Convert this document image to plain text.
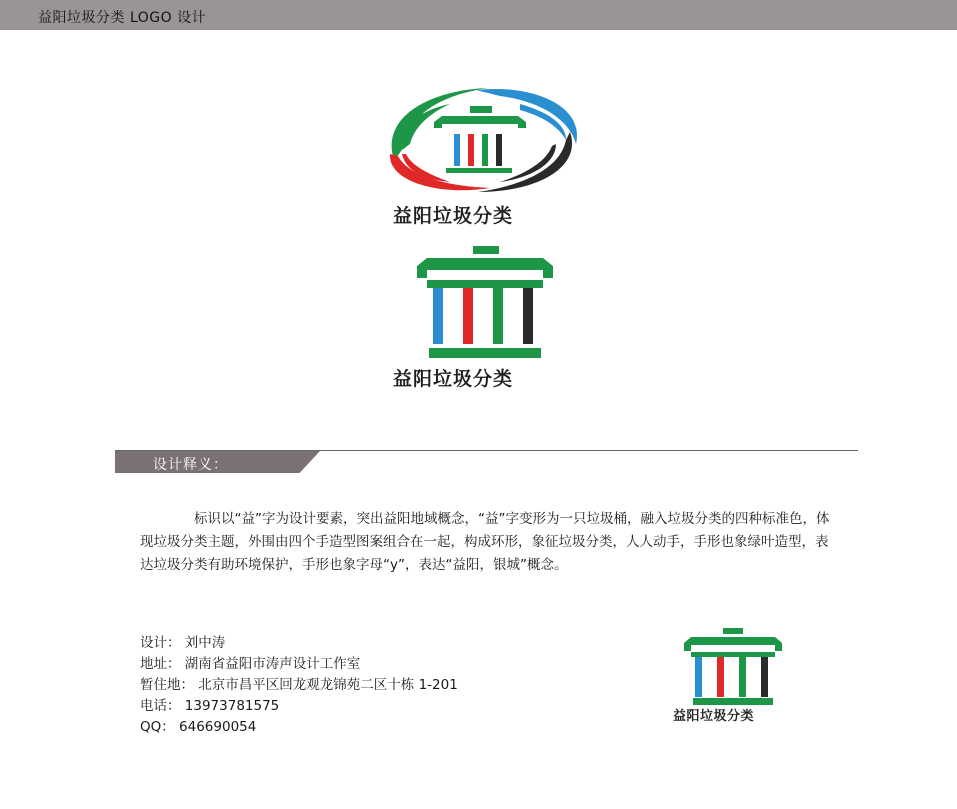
益阳垃圾分类 LOGO 设计
益阳垃圾分类
益阳垃圾分类
设计释义：
标识以“益”字为设计要素，突出益阳地域概念，“益”字变形为一只垃圾桶，融入垃圾分类的四种标准色，体现垃圾分类主题，外围由四个手造型图案组合在一起，构成环形，象征垃圾分类，人人动手，手形也象绿叶造型，表达垃圾分类有助环境保护，手形也象字母“y”，表达“益阳，银城”概念。
设计： 刘中涛
地址： 湖南省益阳市涛声设计工作室
暂住地： 北京市昌平区回龙观龙锦苑二区十栋 1-201
电话： 13973781575
QQ： 646690054
益阳垃圾分类
